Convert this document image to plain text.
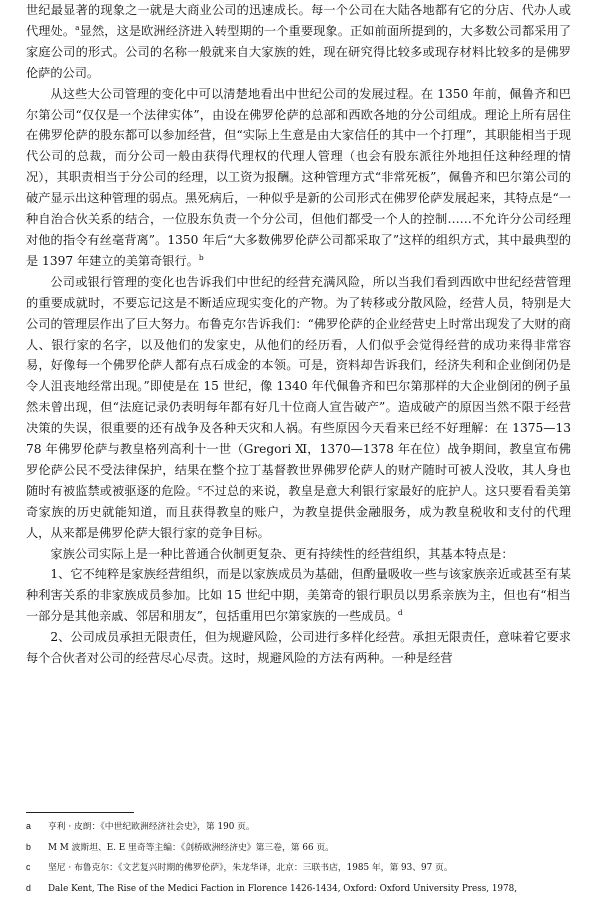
世纪最显著的现象之一就是大商业公司的迅速成长。每一个公司在大陆各地都有它的分店、代办人或代理处。$^a$显然，这是欧洲经济进入转型期的一个重要现象。正如前面所提到的，大多数公司都采用了家庭公司的形式。公司的名称一般就来自大家族的姓，现在研究得比较多或现存材料比较多的是佛罗伦萨的公司。

从这些大公司管理的变化中可以清楚地看出中世纪公司的发展过程。在 1350 年前，佩鲁齐和巴尔第公司“仅仅是一个法律实体”，由设在佛罗伦萨的总部和西欧各地的分公司组成。理论上所有居住在佛罗伦萨的股东都可以参加经营，但“实际上生意是由大家信任的其中一个打理”，其职能相当于现代公司的总裁，而分公司一般由获得代理权的代理人管理（也会有股东派往外地担任这种经理的情况），其职责相当于分公司的经理，以工资为报酬。这种管理方式“非常死板”，佩鲁齐和巴尔第公司的破产显示出这种管理的弱点。黑死病后，一种似乎是新的公司形式在佛罗伦萨发展起来，其特点是“一种自治合伙关系的结合，一位股东负责一个分公司，但他们都受一个人的控制……不允许分公司经理对他的指令有丝毫背离”。1350 年后“大多数佛罗伦萨公司都采取了”这样的组织方式，其中最典型的是 1397 年建立的美第奇银行。$^b$

公司或银行管理的变化也告诉我们中世纪的经营充满风险，所以当我们看到西欧中世纪经营管理的重要成就时，不要忘记这是不断适应现实变化的产物。为了转移或分散风险，经营人员，特别是大公司的管理层作出了巨大努力。布鲁克尔告诉我们：“佛罗伦萨的企业经营史上时常出现发了大财的商人、银行家的名字，以及他们的发家史，从他们的经历看，人们似乎会觉得经营的成功来得非常容易，好像每一个佛罗伦萨人都有点石成金的本领。可是，资料却告诉我们，经济失利和企业倒闭仍是令人沮丧地经常出现。”即使是在 15 世纪，像 1340 年代佩鲁齐和巴尔第那样的大企业倒闭的例子虽然未曾出现，但“法庭记录仍表明每年都有好几十位商人宣告破产”。造成破产的原因当然不限于经营决策的失误，很重要的还有战争及各种天灾和人祸。有些原因今天看来已经不好理解：在 1375—1378 年佛罗伦萨与教皇格列高利十一世（Gregori Ⅺ，1370—1378 年在位）战争期间，教皇宣布佛罗伦萨公民不受法律保护，结果在整个拉丁基督教世界佛罗伦萨人的财产随时可被人没收，其人身也随时有被监禁或被驱逐的危险。$^c$不过总的来说，教皇是意大利银行家最好的庇护人。这只要看看美第奇家族的历史就能知道，而且获得教皇的账户，为教皇提供金融服务，成为教皇税收和支付的代理人，从来都是佛罗伦萨大银行家的竞争目标。

家族公司实际上是一种比普通合伙制更复杂、更有持续性的经营组织，其基本特点是：

1、它不纯粹是家族经营组织，而是以家族成员为基础，但酌量吸收一些与该家族亲近或甚至有某种利害关系的非家族成员参加。比如 15 世纪中期，美第奇的银行职员以男系亲族为主，但也有“相当一部分是其他亲戚、邻居和朋友”，包括重用巴尔第家族的一些成员。$^d$

2、公司成员承担无限责任，但为规避风险，公司进行多样化经营。承担无限责任，意味着它要求每个合伙者对公司的经营尽心尽责。这时，规避风险的方法有两种。一种是经营

a 亨利 · 皮朗：《中世纪欧洲经济社会史》，第 190 页。

b M M 波斯坦、E. E 里奇等主编：《剑桥欧洲经济史》第三卷，第 66 页。

c 坚尼 · 布鲁克尔：《文艺复兴时期的佛罗伦萨》，朱龙华译，北京：三联书店，1985 年，第 93、97 页。

d Dale Kent, The Rise of the Medici Faction in Florence 1426-1434, Oxford: Oxford University Press, 1978,
